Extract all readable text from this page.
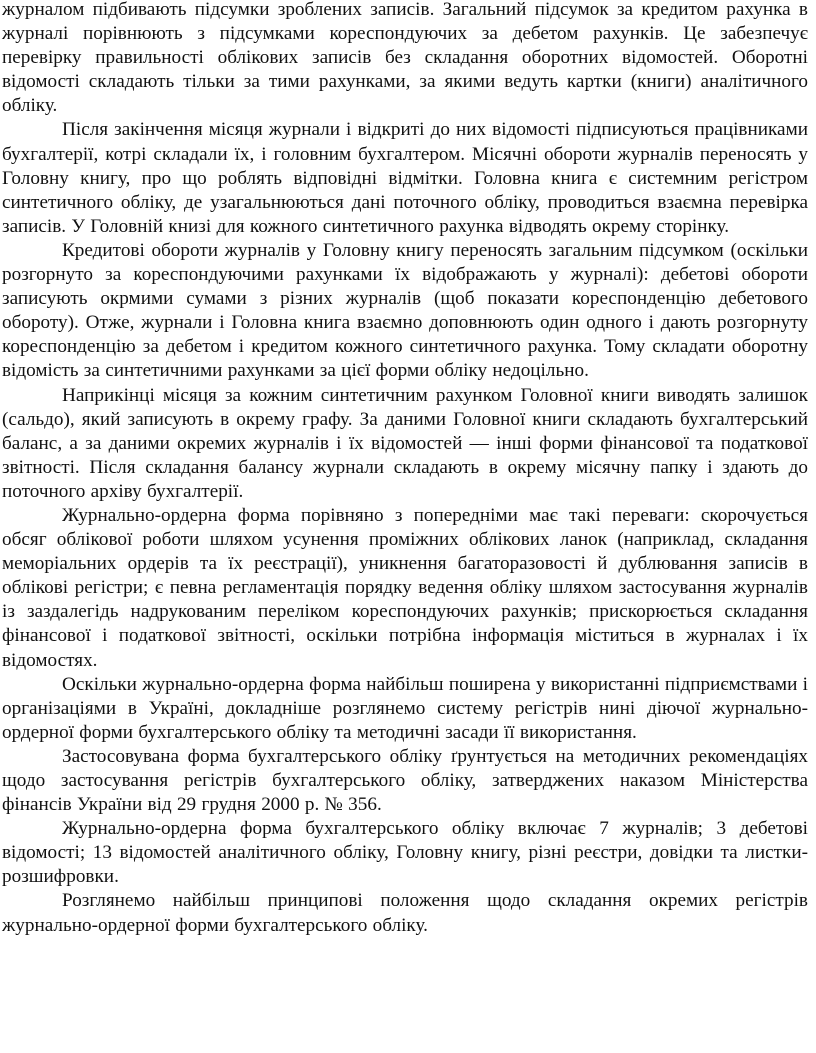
журналом підбивають підсумки зроблених записів. Загальний підсумок за кредитом рахунка в журналі порівнюють з підсумками кореспондуючих за дебетом рахунків. Це забезпечує перевірку правильності облікових записів без складання оборотних відомостей. Оборотні відомості складають тільки за тими рахунками, за якими ведуть картки (книги) аналітичного обліку.

Після закінчення місяця журнали і відкриті до них відомості підписуються працівниками бухгалтерії, котрі складали їх, і головним бухгалтером. Місячні обороти журналів переносять у Головну книгу, про що роблять відповідні відмітки. Головна книга є системним регістром синтетичного обліку, де узагальнюються дані поточного обліку, проводиться взаємна перевірка записів. У Головній книзі для кожного синтетичного рахунка відводять окрему сторінку.

Кредитові обороти журналів у Головну книгу переносять загальним підсумком (оскільки розгорнуто за кореспондуючими рахунками їх відображають у журналі): дебетові обороти записують окрмими сумами з різних журналів (щоб показати кореспонденцію дебетового обороту). Отже, журнали і Головна книга взаємно доповнюють один одного і дають розгорнуту кореспонденцію за дебетом і кредитом кожного синтетичного рахунка. Тому складати оборотну відомість за синтетичними рахунками за цієї форми обліку недоцільно.

Наприкінці місяця за кожним синтетичним рахунком Головної книги виводять залишок (сальдо), який записують в окрему графу. За даними Головної книги складають бухгалтерський баланс, а за даними окремих журналів і їх відомостей — інші форми фінансової та податкової звітності. Після складання балансу журнали складають в окрему місячну папку і здають до поточного архіву бухгалтерії.

Журнально-ордерна форма порівняно з попередніми має такі переваги: скорочується обсяг облікової роботи шляхом усунення проміжних облікових ланок (наприклад, складання меморіальних ордерів та їх реєстрації), уникнення багаторазовості й дублювання записів в облікові регістри; є певна регламентація порядку ведення обліку шляхом застосування журналів із заздалегідь надрукованим переліком кореспондуючих рахунків; прискорюється складання фінансової і податкової звітності, оскільки потрібна інформація міститься в журналах і їх відомостях.

Оскільки журнально-ордерна форма найбільш поширена у використанні підприємствами і організаціями в Україні, докладніше розглянемо систему регістрів нині діючої журнально-ордерної форми бухгалтерського обліку та методичні засади її використання.

Застосовувана форма бухгалтерського обліку ґрунтується на методичних рекомендаціях щодо застосування регістрів бухгалтерського обліку, затверджених наказом Міністерства фінансів України від 29 грудня 2000 р. № 356.

Журнально-ордерна форма бухгалтерського обліку включає 7 журналів; 3 дебетові відомості; 13 відомостей аналітичного обліку, Головну книгу, різні реєстри, довідки та листки-розшифровки.

Розглянемо найбільш принципові положення щодо складання окремих регістрів журнально-ордерної форми бухгалтерського обліку.
